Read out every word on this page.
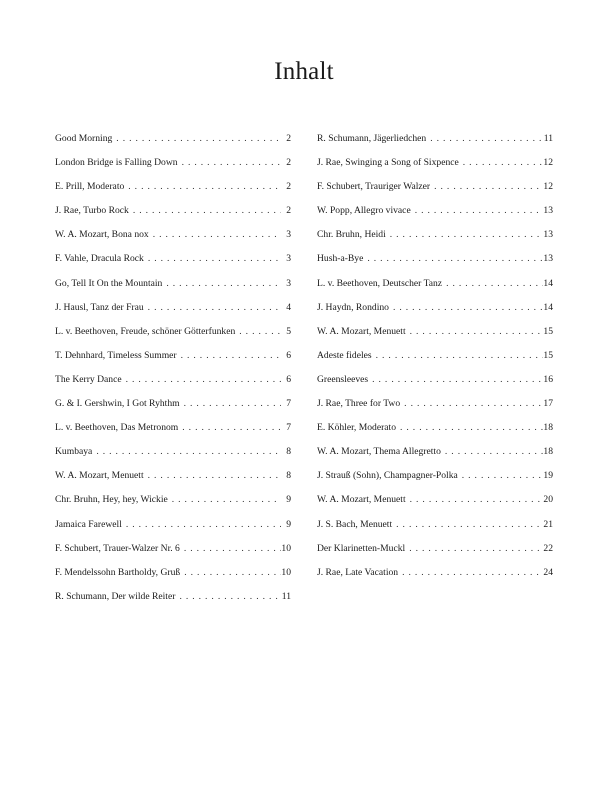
Inhalt
Good Morning . . .	2
London Bridge is Falling Down . . .	2
E. Prill, Moderato . . .	2
J. Rae, Turbo Rock . . .	2
W. A. Mozart, Bona nox . . .	3
F. Vahle, Dracula Rock . . .	3
Go, Tell It On the Mountain . . .	3
J. Hausl, Tanz der Frau . . .	4
L. v. Beethoven, Freude, schöner Götterfunken . . .	5
T. Dehnhard, Timeless Summer . . .	6
The Kerry Dance . . .	6
G. & I. Gershwin, I Got Ryhthm . . .	7
L. v. Beethoven, Das Metronom . . .	7
Kumbaya . . .	8
W. A. Mozart, Menuett . . .	8
Chr. Bruhn, Hey, hey, Wickie . . .	9
Jamaica Farewell . . .	9
F. Schubert, Trauer-Walzer Nr. 6 . . .	10
F. Mendelssohn Bartholdy, Gruß . . .	10
R. Schumann, Der wilde Reiter . . .	11
R. Schumann, Jägerliedchen . . .	11
J. Rae, Swinging a Song of Sixpence . . .	12
F. Schubert, Trauriger Walzer . . .	12
W. Popp, Allegro vivace . . .	13
Chr. Bruhn, Heidi . . .	13
Hush-a-Bye . . .	13
L. v. Beethoven, Deutscher Tanz . . .	14
J. Haydn, Rondino . . .	14
W. A. Mozart, Menuett . . .	15
Adeste fideles . . .	15
Greensleeves . . .	16
J. Rae, Three for Two . . .	17
E. Köhler, Moderato . . .	18
W. A. Mozart, Thema Allegretto . . .	18
J. Strauß (Sohn), Champagner-Polka . . .	19
W. A. Mozart, Menuett . . .	20
J. S. Bach, Menuett . . .	21
Der Klarinetten-Muckl . . .	22
J. Rae, Late Vacation . . .	24
